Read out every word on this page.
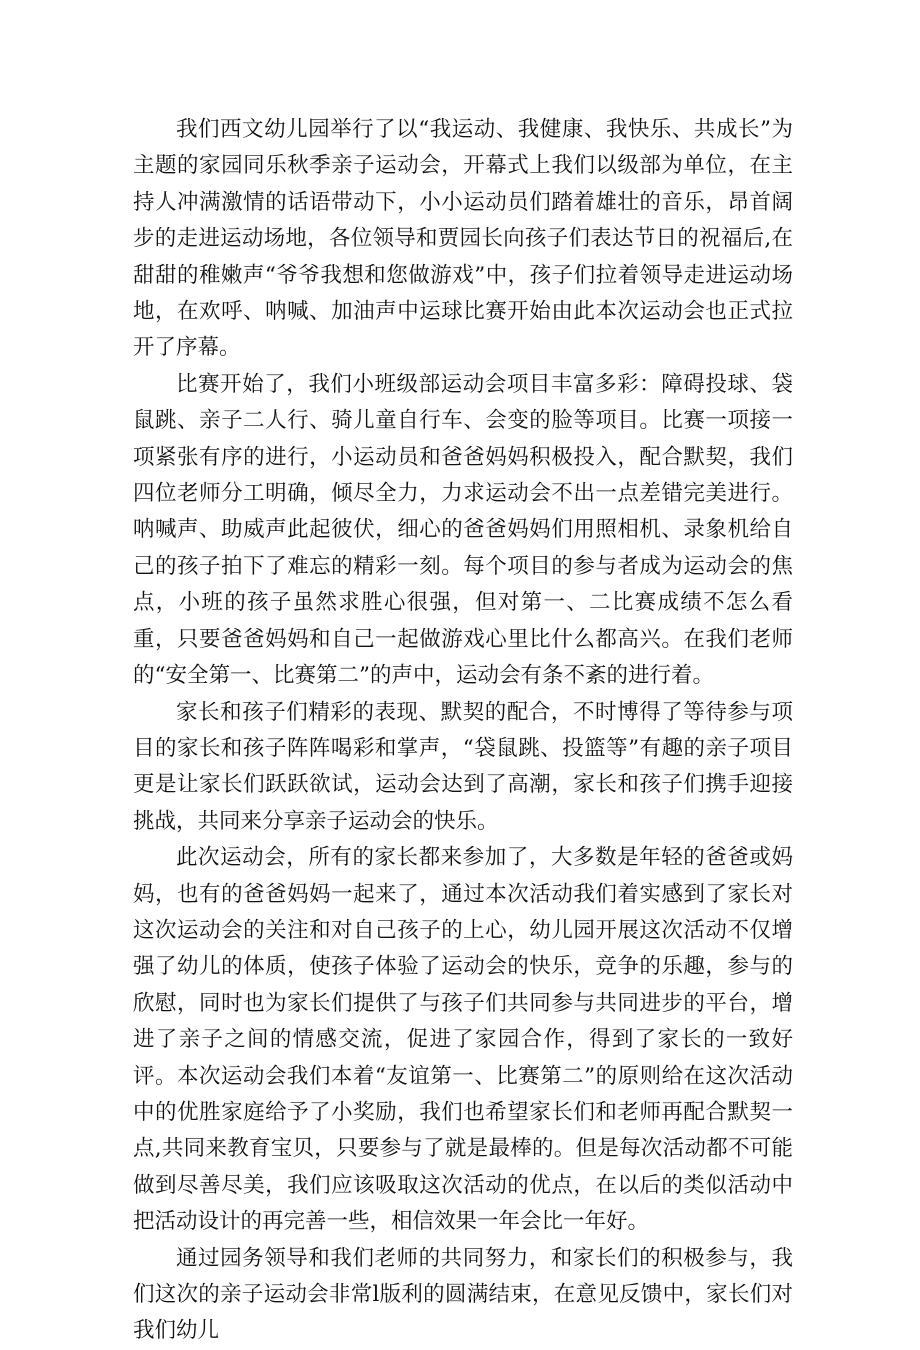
我们西文幼儿园举行了以“我运动、我健康、我快乐、共成长”为主题的家园同乐秋季亲子运动会，开幕式上我们以级部为单位，在主持人冲满激情的话语带动下，小小运动员们踏着雄壮的音乐，昂首阔步的走进运动场地，各位领导和贾园长向孩子们表达节日的祝福后,在甜甜的稚嫩声“爷爷我想和您做游戏”中，孩子们拉着领导走进运动场地，在欢呼、呐喊、加油声中运球比赛开始由此本次运动会也正式拉开了序幕。

比赛开始了，我们小班级部运动会项目丰富多彩：障碍投球、袋鼠跳、亲子二人行、骑儿童自行车、会变的脸等项目。比赛一项接一项紧张有序的进行，小运动员和爸爸妈妈积极投入，配合默契，我们四位老师分工明确，倾尽全力，力求运动会不出一点差错完美进行。呐喊声、助威声此起彼伏，细心的爸爸妈妈们用照相机、录象机给自己的孩子拍下了难忘的精彩一刻。每个项目的参与者成为运动会的焦点，小班的孩子虽然求胜心很强，但对第一、二比赛成绩不怎么看重，只要爸爸妈妈和自己一起做游戏心里比什么都高兴。在我们老师的“安全第一、比赛第二”的声中，运动会有条不紊的进行着。

家长和孩子们精彩的表现、默契的配合，不时博得了等待参与项目的家长和孩子阵阵喝彩和掌声，“袋鼠跳、投篮等”有趣的亲子项目更是让家长们跃跃欲试，运动会达到了高潮，家长和孩子们携手迎接挑战，共同来分享亲子运动会的快乐。

此次运动会，所有的家长都来参加了，大多数是年轻的爸爸或妈妈，也有的爸爸妈妈一起来了，通过本次活动我们着实感到了家长对这次运动会的关注和对自己孩子的上心，幼儿园开展这次活动不仅增强了幼儿的体质，使孩子体验了运动会的快乐，竞争的乐趣，参与的欣慰，同时也为家长们提供了与孩子们共同参与共同进步的平台，增进了亲子之间的情感交流，促进了家园合作，得到了家长的一致好评。本次运动会我们本着“友谊第一、比赛第二”的原则给在这次活动中的优胜家庭给予了小奖励，我们也希望家长们和老师再配合默契一点,共同来教育宝贝，只要参与了就是最棒的。但是每次活动都不可能做到尽善尽美，我们应该吸取这次活动的优点，在以后的类似活动中把活动设计的再完善一些，相信效果一年会比一年好。

通过园务领导和我们老师的共同努力，和家长们的积极参与，我们这次的亲子运动会非常l版利的圆满结束，在意见反馈中，家长们对我们幼儿
